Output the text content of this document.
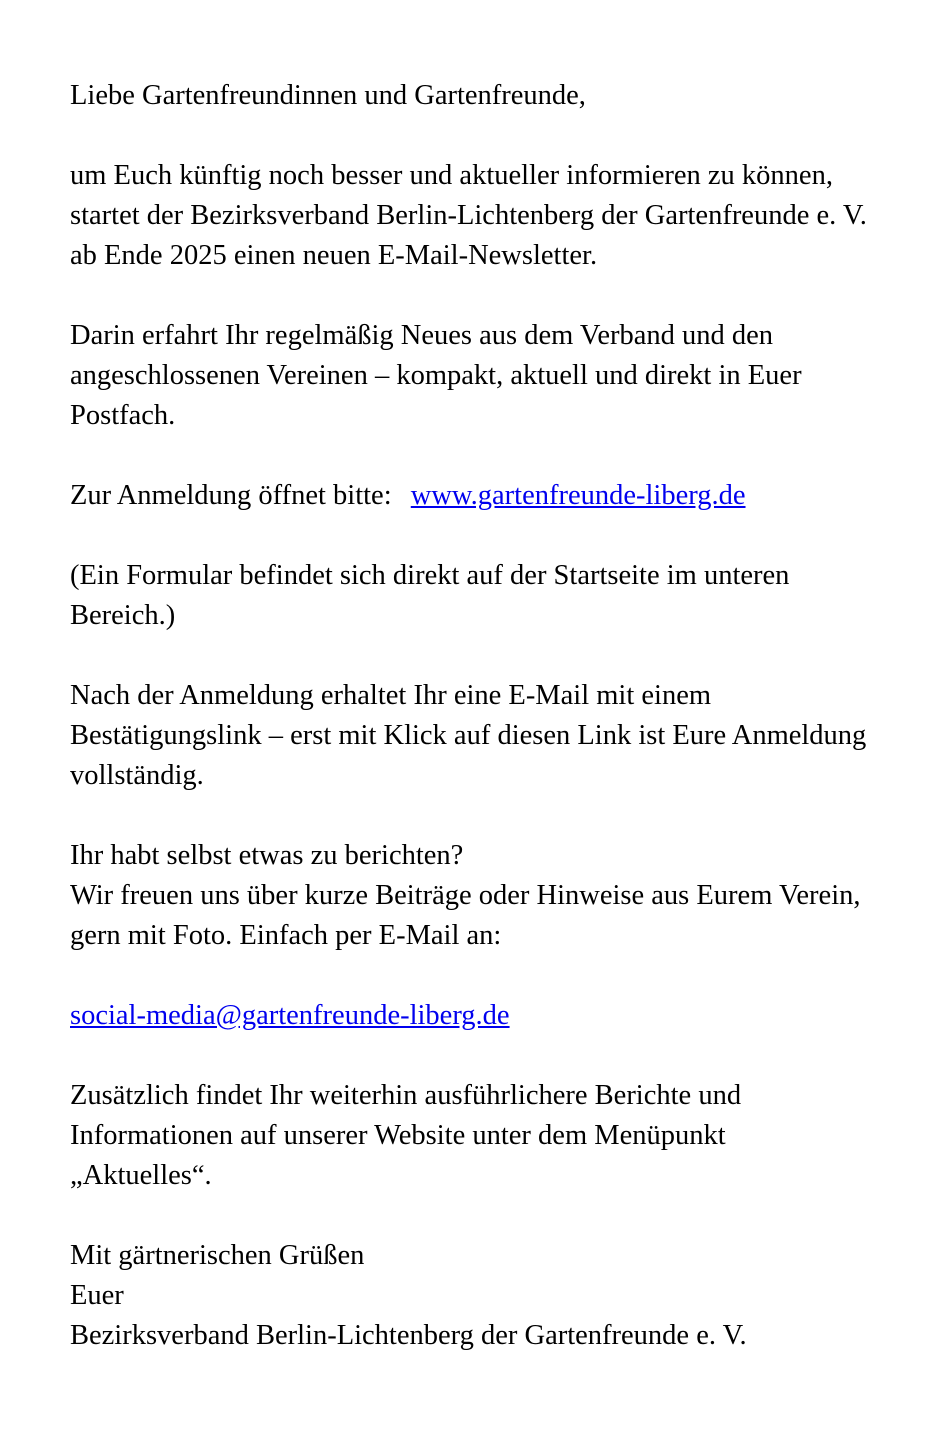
Liebe Gartenfreundinnen und Gartenfreunde,

um Euch künftig noch besser und aktueller informieren zu können, startet der Bezirksverband Berlin-Lichtenberg der Gartenfreunde e. V. ab Ende 2025 einen neuen E-Mail-Newsletter.

Darin erfahrt Ihr regelmäßig Neues aus dem Verband und den angeschlossenen Vereinen – kompakt, aktuell und direkt in Euer Postfach.

Zur Anmeldung öffnet bitte: www.gartenfreunde-liberg.de

(Ein Formular befindet sich direkt auf der Startseite im unteren Bereich.)

Nach der Anmeldung erhaltet Ihr eine E-Mail mit einem Bestätigungslink – erst mit Klick auf diesen Link ist Eure Anmeldung vollständig.

Ihr habt selbst etwas zu berichten?
Wir freuen uns über kurze Beiträge oder Hinweise aus Eurem Verein, gern mit Foto. Einfach per E-Mail an:

social-media@gartenfreunde-liberg.de

Zusätzlich findet Ihr weiterhin ausführlichere Berichte und Informationen auf unserer Website unter dem Menüpunkt „Aktuelles“.

Mit gärtnerischen Grüßen
Euer
Bezirksverband Berlin-Lichtenberg der Gartenfreunde e. V.
